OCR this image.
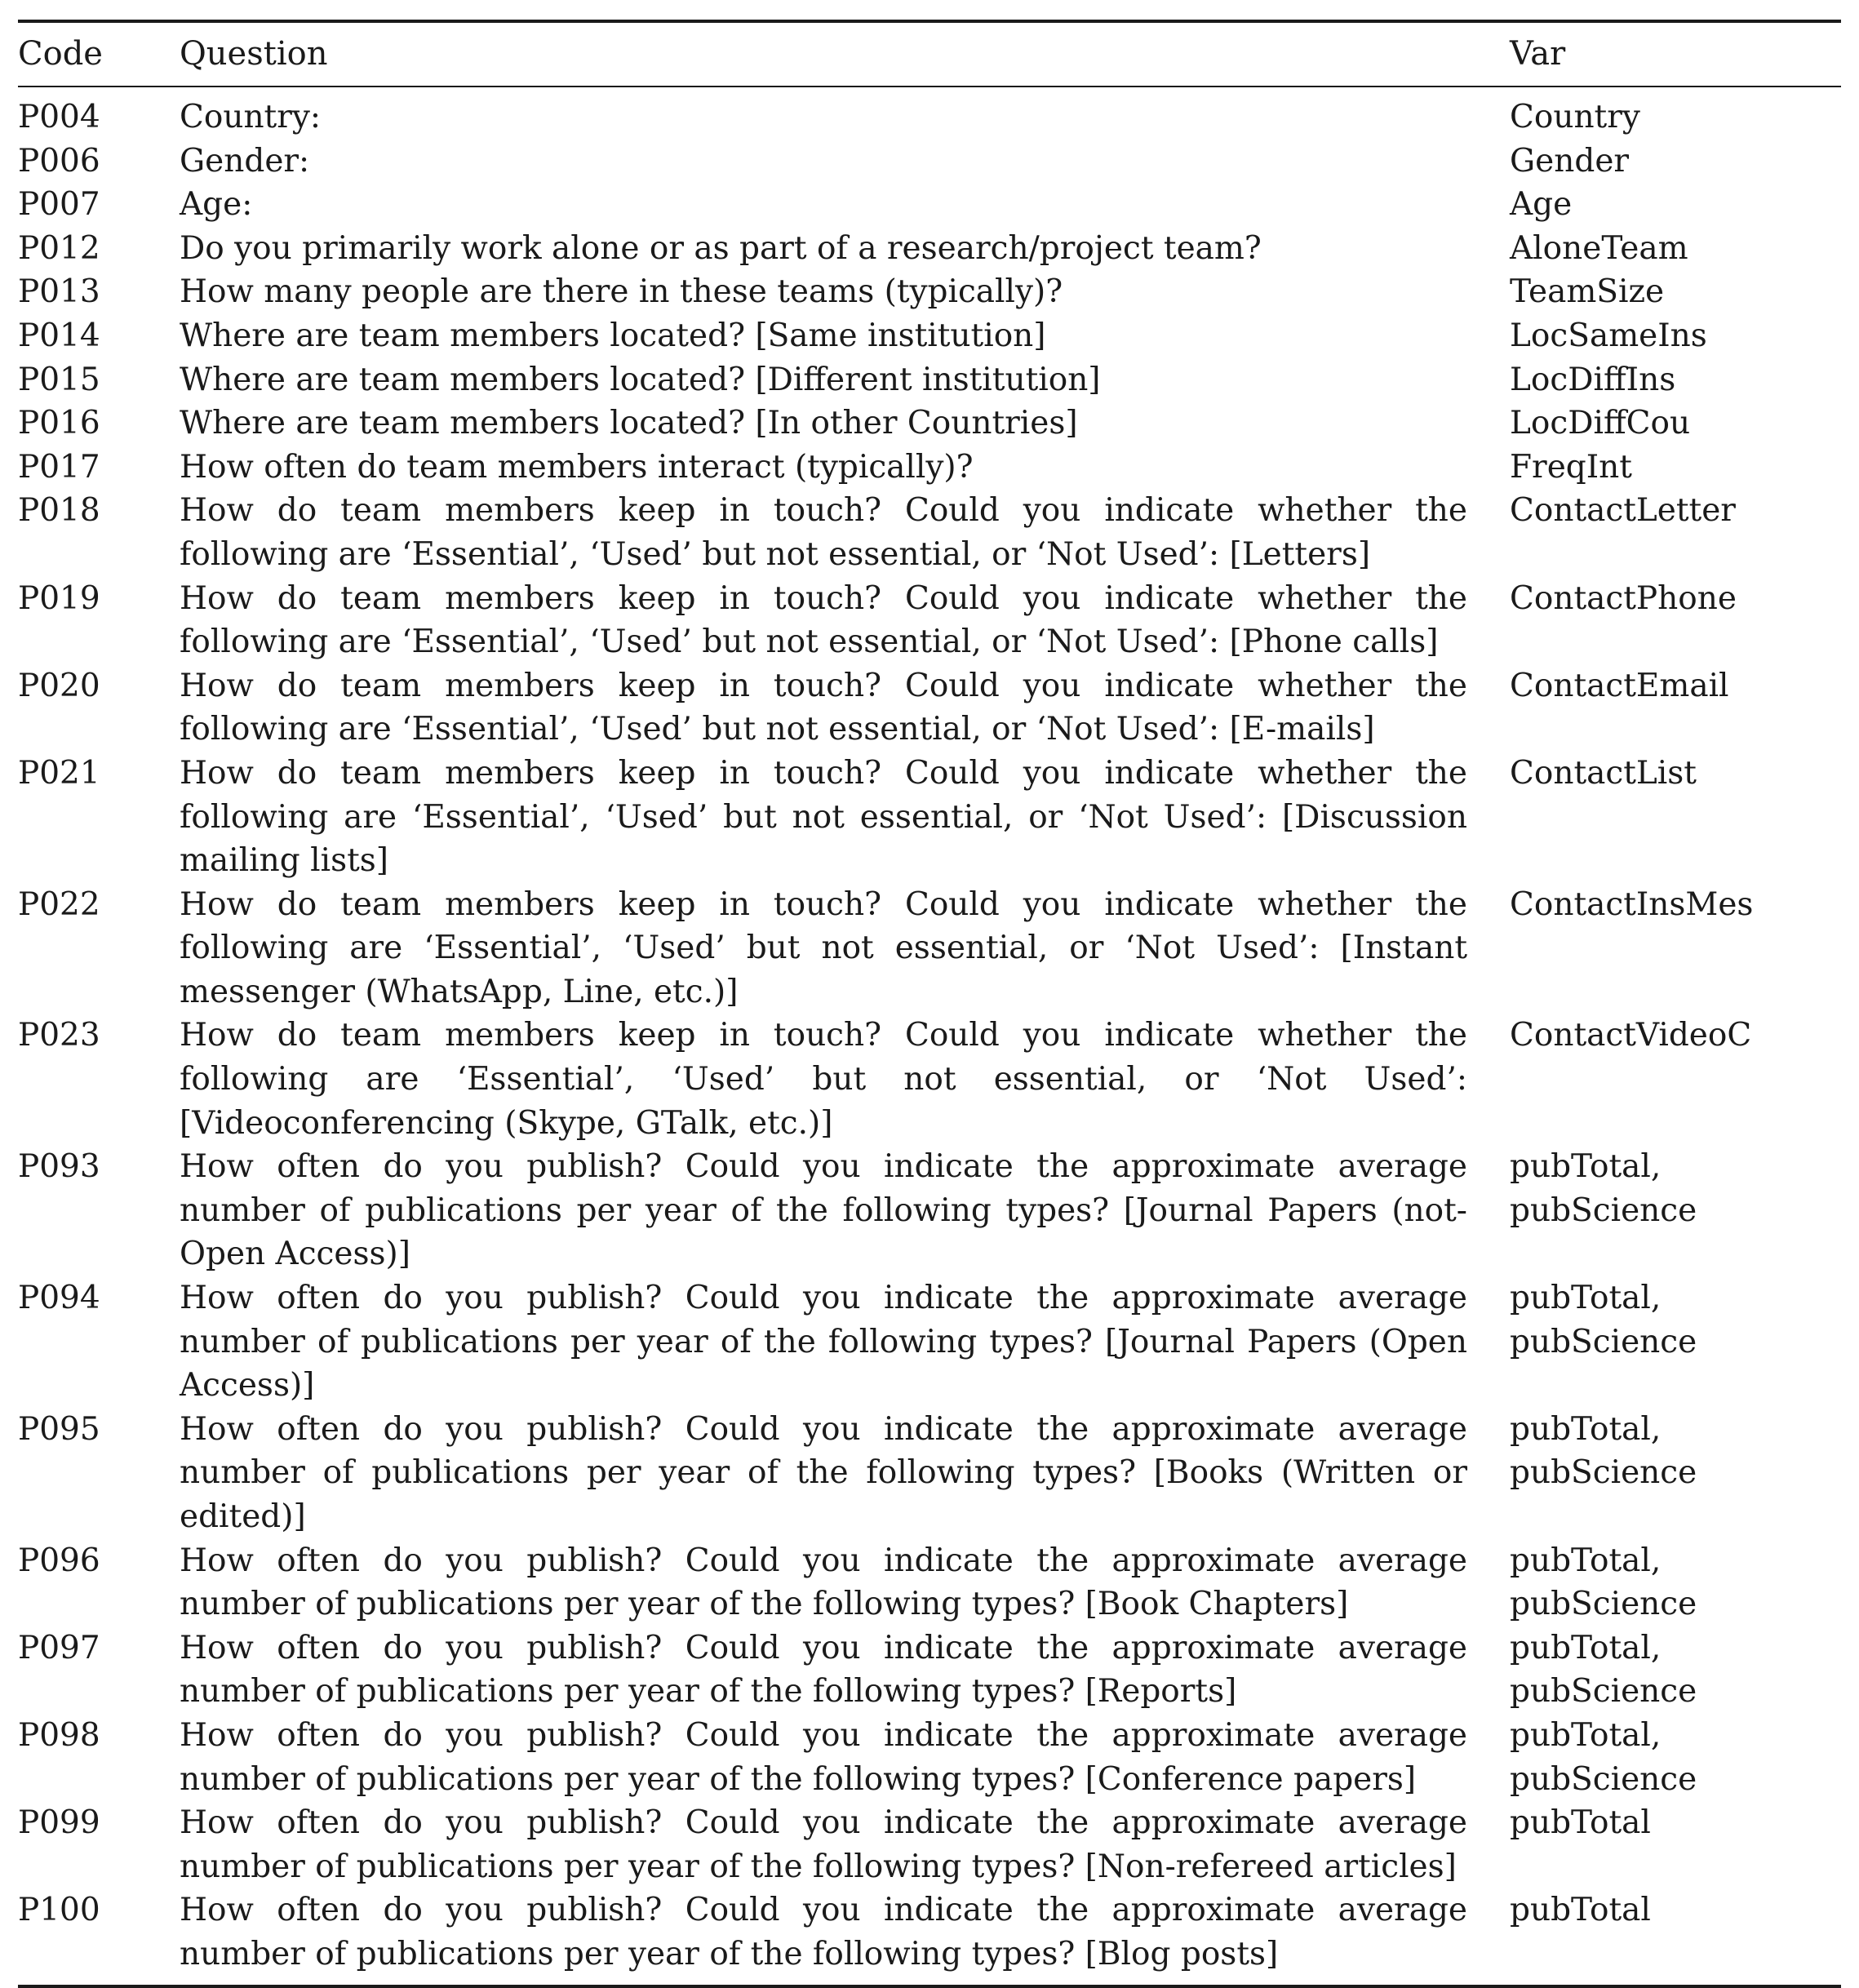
Code	Question	Var
P004	Country:	Country
P006	Gender:	Gender
P007	Age:	Age
P012	Do you primarily work alone or as part of a research/project team?	AloneTeam
P013	How many people are there in these teams (typically)?	TeamSize
P014	Where are team members located? [Same institution]	LocSameIns
P015	Where are team members located? [Different institution]	LocDiffIns
P016	Where are team members located? [In other Countries]	LocDiffCou
P017	How often do team members interact (typically)?	FreqInt
P018	How do team members keep in touch? Could you indicate whether the following are ‘Essential’, ‘Used’ but not essential, or ‘Not Used’: [Letters]	ContactLetter
P019	How do team members keep in touch? Could you indicate whether the following are ‘Essential’, ‘Used’ but not essential, or ‘Not Used’: [Phone calls]	ContactPhone
P020	How do team members keep in touch? Could you indicate whether the following are ‘Essential’, ‘Used’ but not essential, or ‘Not Used’: [E-mails]	ContactEmail
P021	How do team members keep in touch? Could you indicate whether the following are ‘Essential’, ‘Used’ but not essential, or ‘Not Used’: [Discussion mailing lists]	ContactList
P022	How do team members keep in touch? Could you indicate whether the following are ‘Essential’, ‘Used’ but not essential, or ‘Not Used’: [Instant messenger (WhatsApp, Line, etc.)]	ContactInsMes
P023	How do team members keep in touch? Could you indicate whether the following are ‘Essential’, ‘Used’ but not essential, or ‘Not Used’: [Videoconferencing (Skype, GTalk, etc.)]	ContactVideoC
P093	How often do you publish? Could you indicate the approximate average number of publications per year of the following types? [Journal Papers (not-Open Access)]	pubTotal,
pubScience
P094	How often do you publish? Could you indicate the approximate average number of publications per year of the following types? [Journal Papers (Open Access)]	pubTotal,
pubScience
P095	How often do you publish? Could you indicate the approximate average number of publications per year of the following types? [Books (Written or edited)]	pubTotal,
pubScience
P096	How often do you publish? Could you indicate the approximate average number of publications per year of the following types? [Book Chapters]	pubTotal,
pubScience
P097	How often do you publish? Could you indicate the approximate average number of publications per year of the following types? [Reports]	pubTotal,
pubScience
P098	How often do you publish? Could you indicate the approximate average number of publications per year of the following types? [Conference papers]	pubTotal,
pubScience
P099	How often do you publish? Could you indicate the approximate average number of publications per year of the following types? [Non-refereed articles]	pubTotal
P100	How often do you publish? Could you indicate the approximate average number of publications per year of the following types? [Blog posts]	pubTotal
